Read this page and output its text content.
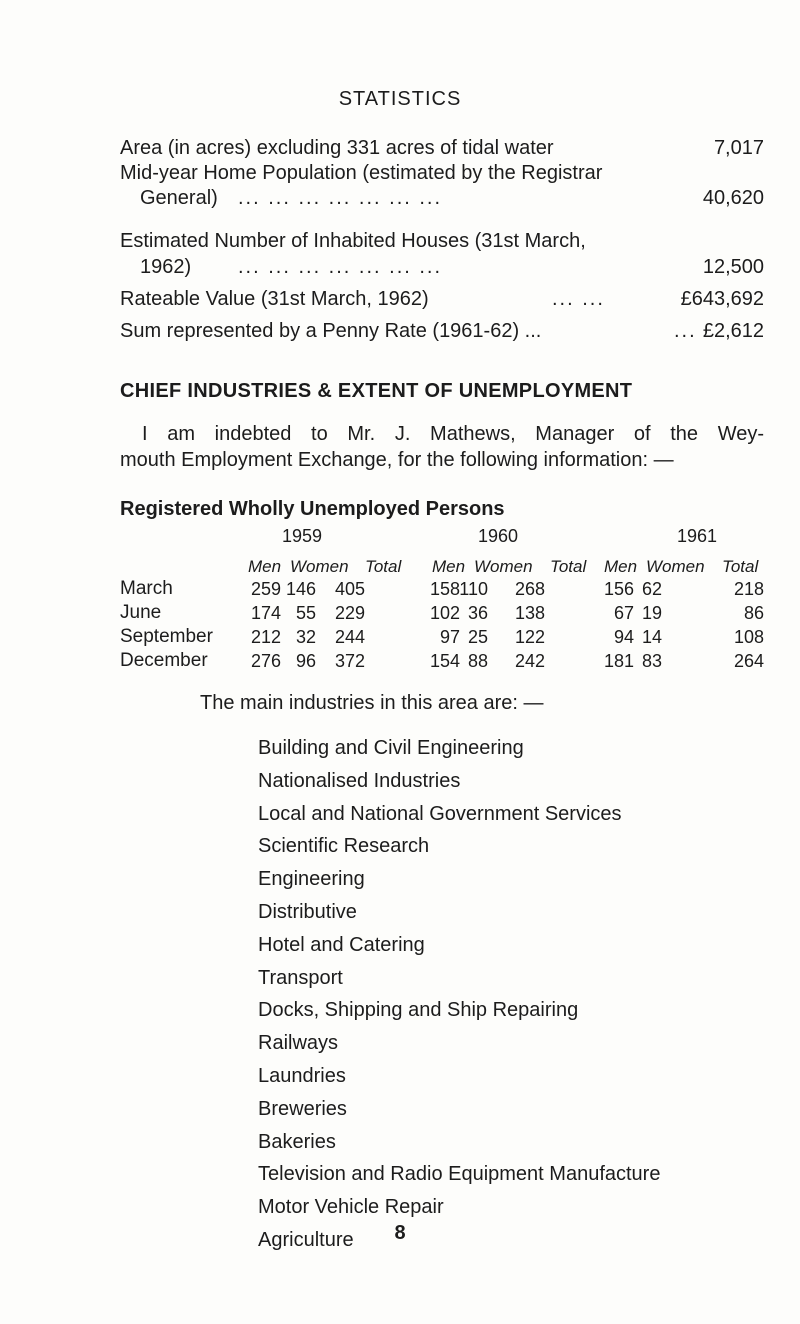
STATISTICS
Area (in acres) excluding 331 acres of tidal water	7,017
Mid-year Home Population (estimated by the Registrar
General) ... ... ... ... ... ... ...	40,620
Estimated Number of Inhabited Houses (31st March,
1962) ... ... ... ... ... ... ...	12,500
Rateable Value (31st March, 1962)	... ...	£643,692
Sum represented by a Penny Rate (1961-62) ...	... £2,612
CHIEF INDUSTRIES & EXTENT OF UNEMPLOYMENT
I am indebted to Mr. J. Mathews, Manager of the Wey-
mouth Employment Exchange, for the following information: —
Registered Wholly Unemployed Persons
1959	1960	1961
Men Women Total Men Women Total Men Women Total
March	259 146	405	158 110	268	156 62	218
June	174 55	229	102 36	138	67 19	86
September	212 32	244	97 25	122	94 14	108
December	276 96	372	154 88	242	181 83	264
The main industries in this area are: —
Building and Civil Engineering
Nationalised Industries
Local and National Government Services
Scientific Research
Engineering
Distributive
Hotel and Catering
Transport
Docks, Shipping and Ship Repairing
Railways
Laundries
Breweries
Bakeries
Television and Radio Equipment Manufacture
Motor Vehicle Repair
Agriculture	8
